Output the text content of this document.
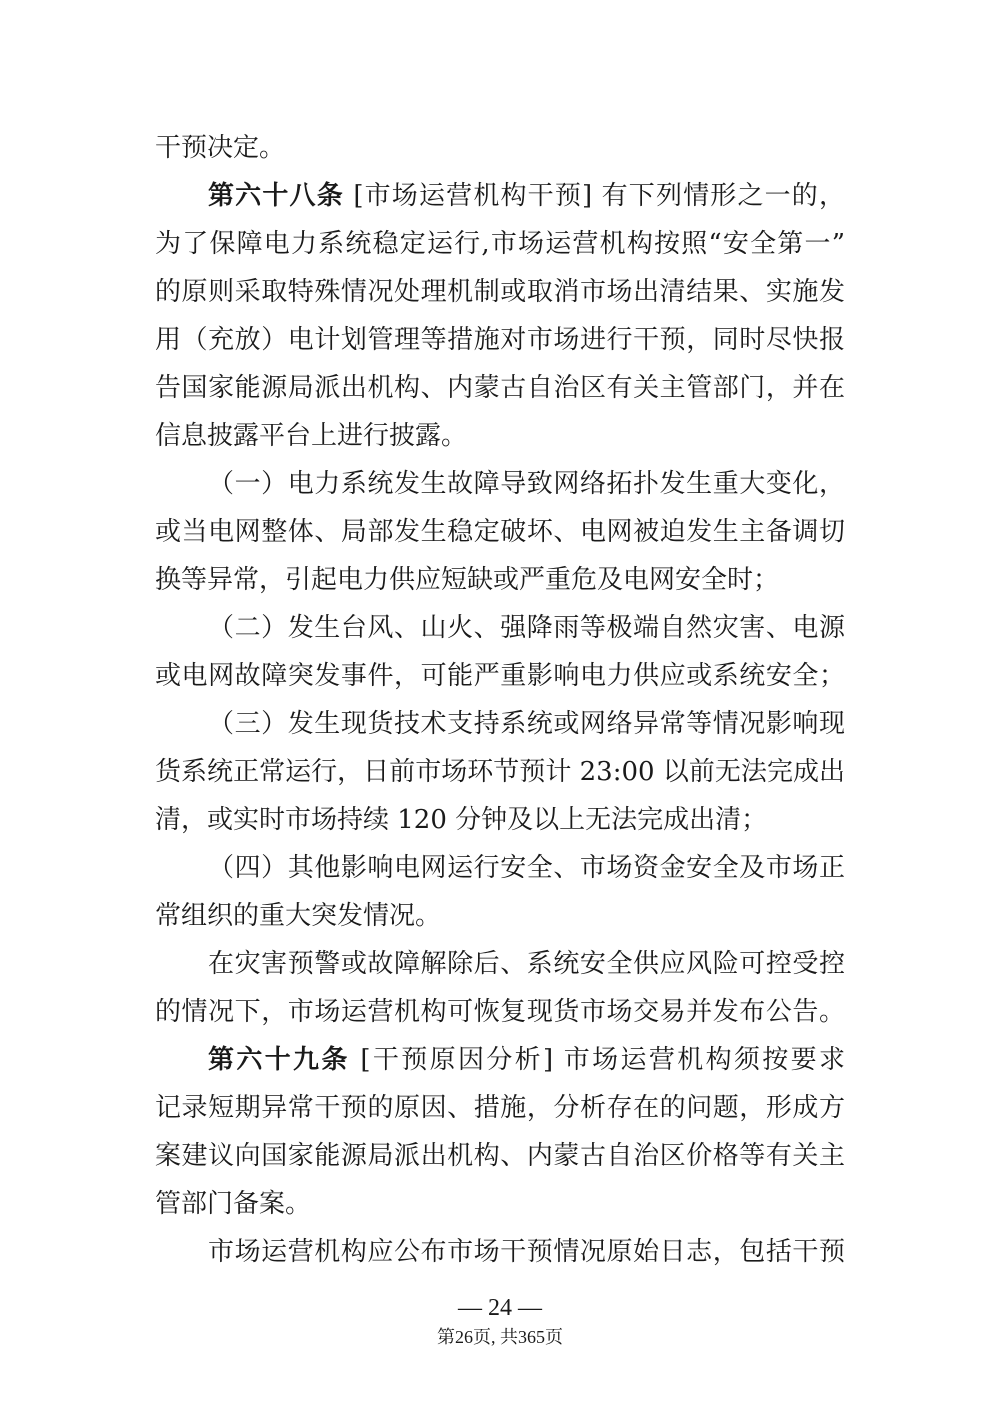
干预决定。
第六十八条 [市场运营机构干预] 有下列情形之一的，
为了保障电力系统稳定运行,市场运营机构按照“安全第一”
的原则采取特殊情况处理机制或取消市场出清结果、实施发
用（充放）电计划管理等措施对市场进行干预，同时尽快报
告国家能源局派出机构、内蒙古自治区有关主管部门，并在
信息披露平台上进行披露。
（一）电力系统发生故障导致网络拓扑发生重大变化，
或当电网整体、局部发生稳定破坏、电网被迫发生主备调切
换等异常，引起电力供应短缺或严重危及电网安全时；
（二）发生台风、山火、强降雨等极端自然灾害、电源
或电网故障突发事件，可能严重影响电力供应或系统安全；
（三）发生现货技术支持系统或网络异常等情况影响现
货系统正常运行，日前市场环节预计 23:00 以前无法完成出
清，或实时市场持续 120 分钟及以上无法完成出清；
（四）其他影响电网运行安全、市场资金安全及市场正
常组织的重大突发情况。
在灾害预警或故障解除后、系统安全供应风险可控受控
的情况下，市场运营机构可恢复现货市场交易并发布公告。
第六十九条 [干预原因分析] 市场运营机构须按要求
记录短期异常干预的原因、措施，分析存在的问题，形成方
案建议向国家能源局派出机构、内蒙古自治区价格等有关主
管部门备案。
市场运营机构应公布市场干预情况原始日志，包括干预
— 24 —
第26页, 共365页
